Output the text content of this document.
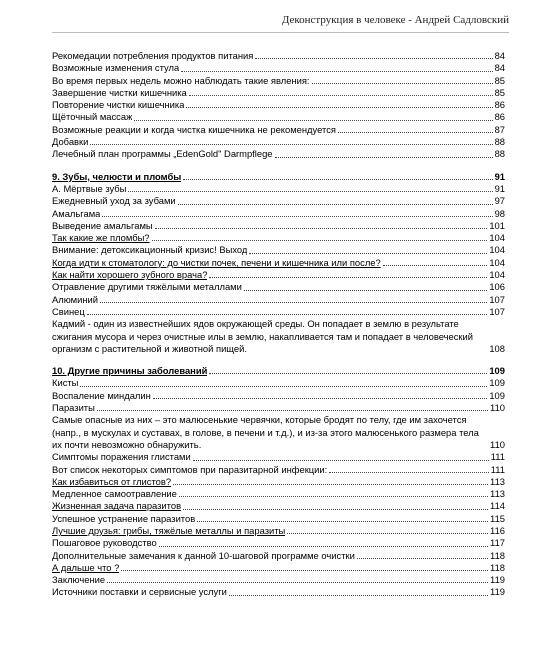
Деконструкция в человеке - Андрей Садловский
Рекомедации потребления продуктов питания	84
Возможные изменения стула	84
Во время первых недель можно наблюдать такие явления:	85
Завершение чистки кишечника	85
Повторение чистки кишечника	86
Щёточный массаж	86
Возможные реакции и когда чистка кишечника не рекомендуется	87
Добавки	88
Лечебный план программы „EdenGold" Darmpflege	88
9. Зубы, челюсти и пломбы	91
А. Мёртвые зубы	91
Ежедневный уход за зубами	97
Амальгама	98
Выведение амальгамы	101
Так какие же пломбы?	104
Внимание: детоксикационный кризис! Выход	104
Когда идти к стоматологу: до чистки почек, печени и кишечника или после?	104
Как найти хорошего зубного врача?	104
Отравление другими тяжёлыми металлами	106
Алюминий	107
Свинец	107
Кадмий - один из известнейших ядов окружающей среды. Он попадает в землю в результате сжигания мусора и через очистные илы в землю, накапливается там и попадает в человеческий организм с растительной и животной пищей.	108
10. Другие причины заболеваний	109
Кисты	109
Воспаление миндалин	109
Паразиты	110
Самые опасные из них – это малюсенькие червячки, которые бродят по телу, где им захочется (напр., в мускулах и суставах, в голове, в печени и т.д.), и из-за этого малюсенького размера тела их почти невозможно обнаружить.	110
Симптомы поражения глистами	111
Вот список некоторых симптомов при паразитарной инфекции:	111
Как избавиться от глистов?	113
Медленное самоотравление	113
Жизненная задача паразитов	114
Успешное устранение паразитов	115
Лучшие друзья: грибы, тяжёлые металлы и паразиты	116
Пошаговое руководство	117
Дополнительные замечания к данной 10-шаговой программе очистки	118
А дальше что ?	118
Заключение	119
Источники поставки и сервисные услуги	119
